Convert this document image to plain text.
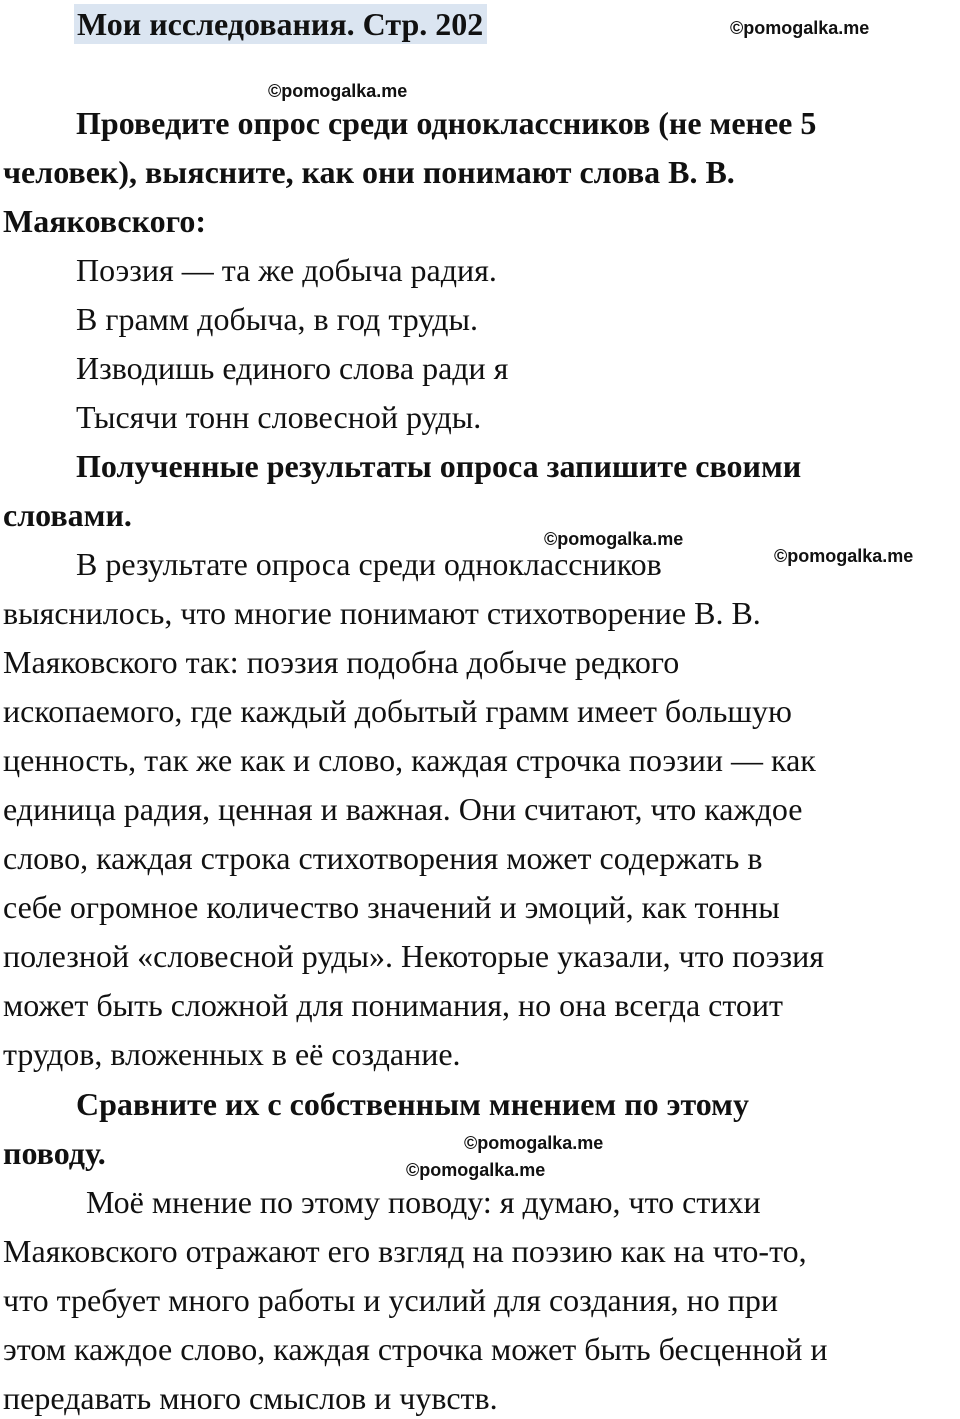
Мои исследования. Стр. 202	©pomogalka.me
©pomogalka.me
©pomogalka.me
©pomogalka.me
©pomogalka.me
©pomogalka.me
Проведите опрос среди одноклассников (не менее 5
человек), выясните, как они понимают слова В. В.
Маяковского:
Поэзия — та же добыча радия.
В грамм добыча, в год труды.
Изводишь единого слова ради я
Тысячи тонн словесной руды.
Полученные результаты опроса запишите своими
словами.
В результате опроса среди одноклассников
выяснилось, что многие понимают стихотворение В. В.
Маяковского так: поэзия подобна добыче редкого
ископаемого, где каждый добытый грамм имеет большую
ценность, так же как и слово, каждая строчка поэзии — как
единица радия, ценная и важная. Они считают, что каждое
слово, каждая строка стихотворения может содержать в
себе огромное количество значений и эмоций, как тонны
полезной «словесной руды». Некоторые указали, что поэзия
может быть сложной для понимания, но она всегда стоит
трудов, вложенных в её создание.
Сравните их с собственным мнением по этому
поводу.
Моё мнение по этому поводу: я думаю, что стихи
Маяковского отражают его взгляд на поэзию как на что-то,
что требует много работы и усилий для создания, но при
этом каждое слово, каждая строчка может быть бесценной и
передавать много смыслов и чувств.
